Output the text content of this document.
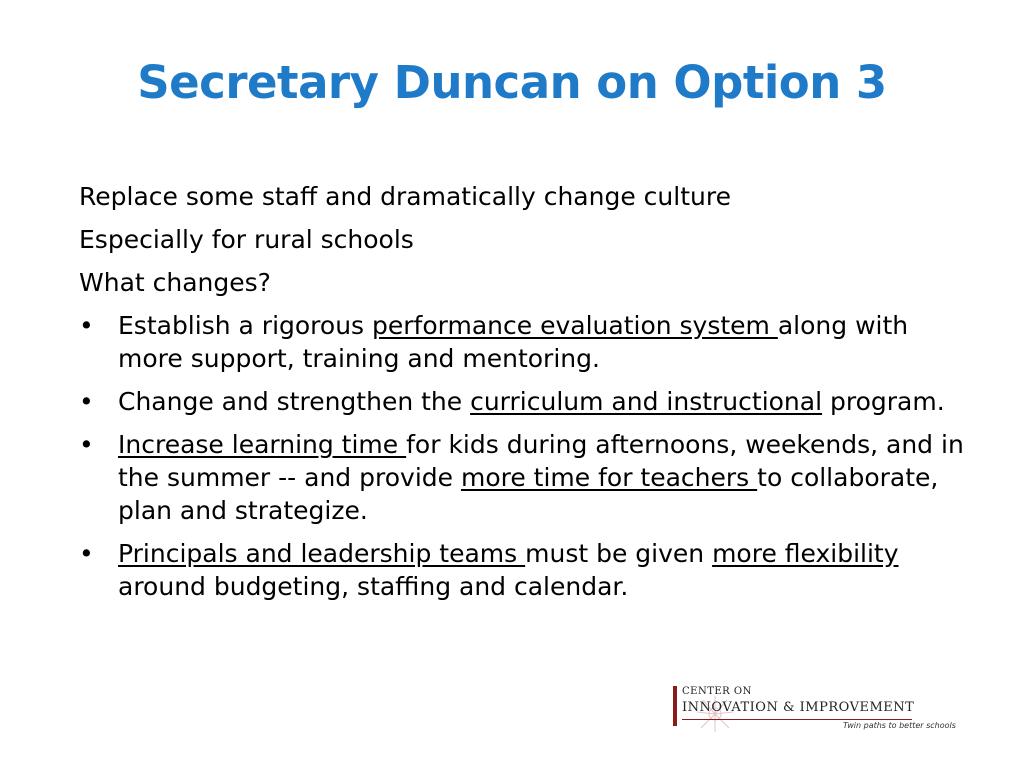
Secretary Duncan on Option 3
Replace some staff and dramatically change culture
Especially for rural schools
What changes?
• Establish a rigorous performance evaluation system along with more support, training and mentoring.
• Change and strengthen the curriculum and instructional program.
• Increase learning time for kids during afternoons, weekends, and in the summer -- and provide more time for teachers to collaborate, plan and strategize.
• Principals and leadership teams must be given more flexibility around budgeting, staffing and calendar.
CENTER ON
INNOVATION & IMPROVEMENT
Twin paths to better schools
